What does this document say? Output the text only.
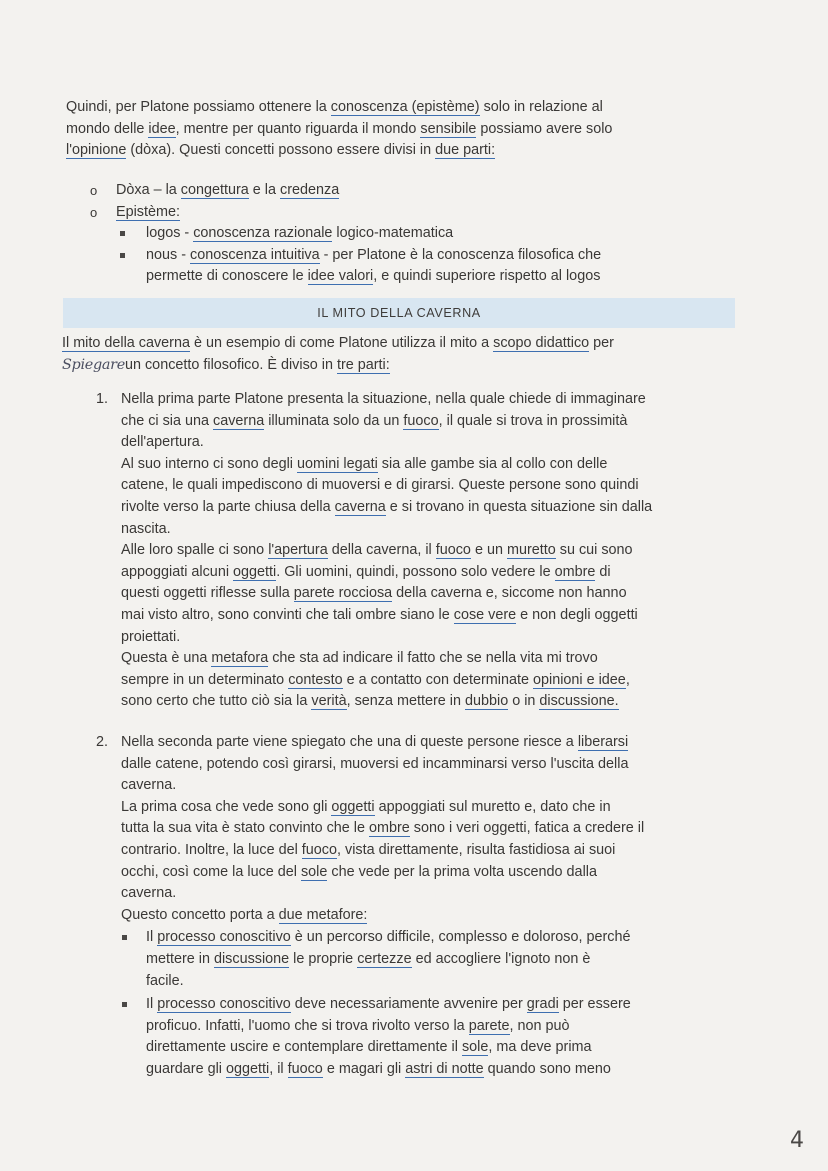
Quindi, per Platone possiamo ottenere la conoscenza (epistème) solo in relazione al
mondo delle idee, mentre per quanto riguarda il mondo sensibile possiamo avere solo
l'opinione (dòxa). Questi concetti possono essere divisi in due parti:
o Dòxa – la congettura e la credenza
o Epistème:
logos - conoscenza razionale logico-matematica
nous - conoscenza intuitiva - per Platone è la conoscenza filosofica che
permette di conoscere le idee valori, e quindi superiore rispetto al logos
IL MITO DELLA CAVERNA
Il mito della caverna è un esempio di come Platone utilizza il mito a scopo didattico per
Spiegareun concetto filosofico. È diviso in tre parti:
1. Nella prima parte Platone presenta la situazione, nella quale chiede di immaginare
che ci sia una caverna illuminata solo da un fuoco, il quale si trova in prossimità
dell'apertura.
Al suo interno ci sono degli uomini legati sia alle gambe sia al collo con delle
catene, le quali impediscono di muoversi e di girarsi. Queste persone sono quindi
rivolte verso la parte chiusa della caverna e si trovano in questa situazione sin dalla
nascita.
Alle loro spalle ci sono l'apertura della caverna, il fuoco e un muretto su cui sono
appoggiati alcuni oggetti. Gli uomini, quindi, possono solo vedere le ombre di
questi oggetti riflesse sulla parete rocciosa della caverna e, siccome non hanno
mai visto altro, sono convinti che tali ombre siano le cose vere e non degli oggetti
proiettati.
Questa è una metafora che sta ad indicare il fatto che se nella vita mi trovo
sempre in un determinato contesto e a contatto con determinate opinioni e idee,
sono certo che tutto ciò sia la verità, senza mettere in dubbio o in discussione.
2. Nella seconda parte viene spiegato che una di queste persone riesce a liberarsi
dalle catene, potendo così girarsi, muoversi ed incamminarsi verso l'uscita della
caverna.
La prima cosa che vede sono gli oggetti appoggiati sul muretto e, dato che in
tutta la sua vita è stato convinto che le ombre sono i veri oggetti, fatica a credere il
contrario. Inoltre, la luce del fuoco, vista direttamente, risulta fastidiosa ai suoi
occhi, così come la luce del sole che vede per la prima volta uscendo dalla
caverna.
Questo concetto porta a due metafore:
Il processo conoscitivo è un percorso difficile, complesso e doloroso, perché
mettere in discussione le proprie certezze ed accogliere l'ignoto non è
facile.
Il processo conoscitivo deve necessariamente avvenire per gradi per essere
proficuo. Infatti, l'uomo che si trova rivolto verso la parete, non può
direttamente uscire e contemplare direttamente il sole, ma deve prima
guardare gli oggetti, il fuoco e magari gli astri di notte quando sono meno
4
